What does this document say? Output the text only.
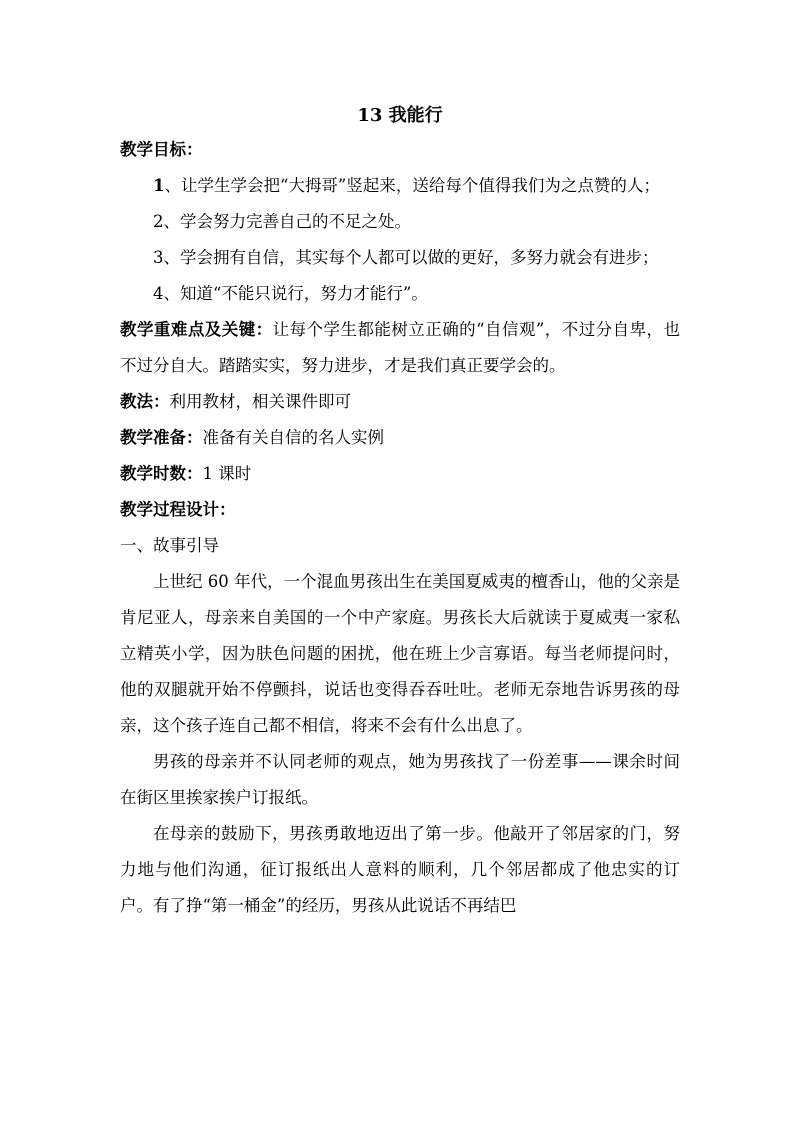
13 我能行
教学目标：
1、让学生学会把“大拇哥”竖起来，送给每个值得我们为之点赞的人；
2、学会努力完善自己的不足之处。
3、学会拥有自信，其实每个人都可以做的更好，多努力就会有进步；
4、知道“不能只说行，努力才能行”。
教学重难点及关键：让每个学生都能树立正确的“自信观”，不过分自卑，也不过分自大。踏踏实实，努力进步，才是我们真正要学会的。
教法：利用教材，相关课件即可
教学准备：准备有关自信的名人实例
教学时数：1 课时
教学过程设计：
一、故事引导
上世纪 60 年代，一个混血男孩出生在美国夏威夷的檀香山，他的父亲是肯尼亚人，母亲来自美国的一个中产家庭。男孩长大后就读于夏威夷一家私立精英小学，因为肤色问题的困扰，他在班上少言寡语。每当老师提问时，他的双腿就开始不停颤抖，说话也变得吞吞吐吐。老师无奈地告诉男孩的母亲，这个孩子连自己都不相信，将来不会有什么出息了。
男孩的母亲并不认同老师的观点，她为男孩找了一份差事——课余时间在街区里挨家挨户订报纸。
在母亲的鼓励下，男孩勇敢地迈出了第一步。他敲开了邻居家的门，努力地与他们沟通，征订报纸出人意料的顺利，几个邻居都成了他忠实的订户。有了挣“第一桶金”的经历，男孩从此说话不再结巴
